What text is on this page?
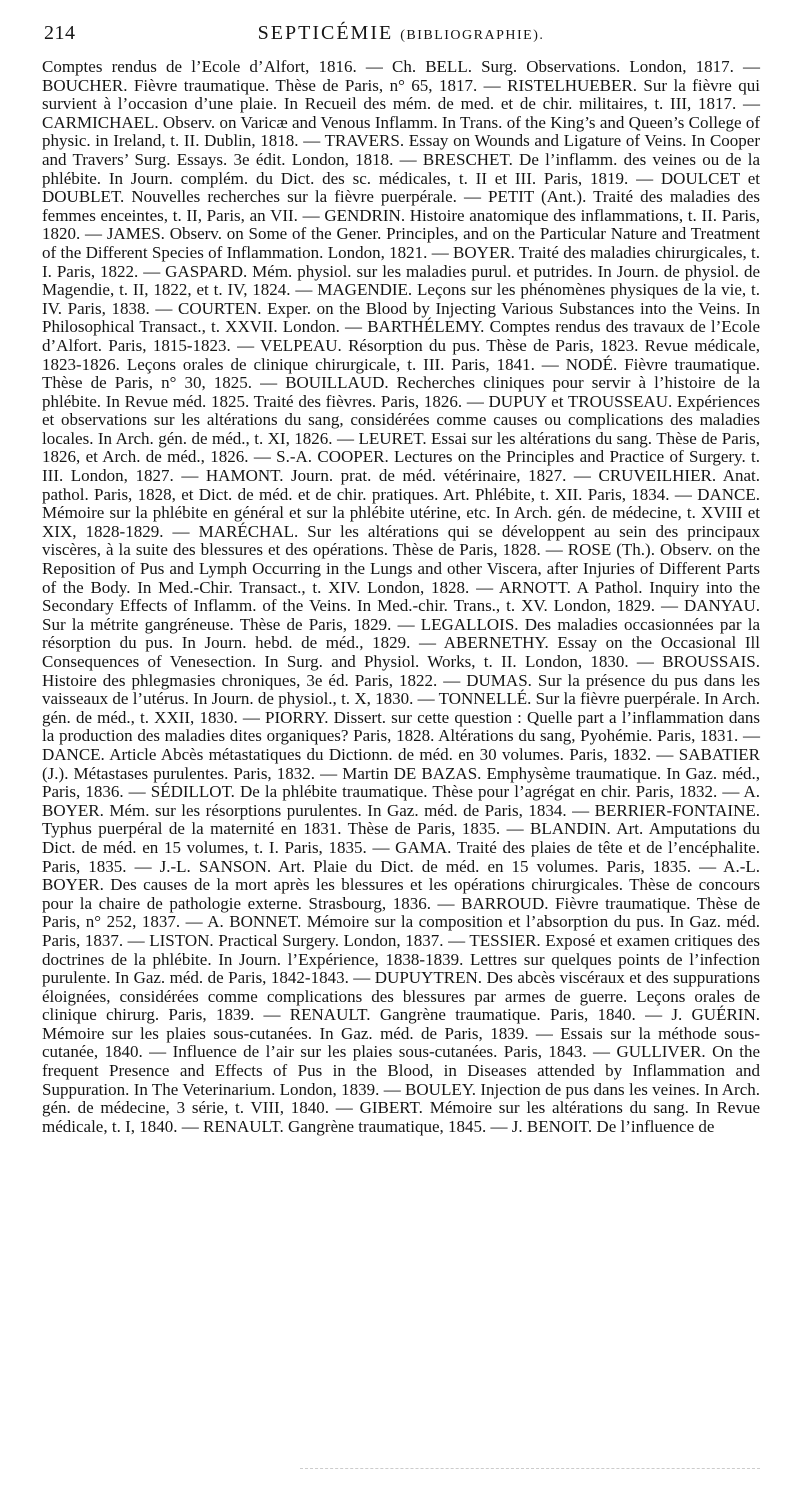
214	SEPTICÉMIE (BIBLIOGRAPHIE).

Comptes rendus de l’Ecole d’Alfort, 1816. — Ch. BELL. Surg. Observations. London, 1817. — BOUCHER. Fièvre traumatique. Thèse de Paris, n° 65, 1817. — RISTELHUEBER. Sur la fièvre qui survient à l’occasion d’une plaie. In Recueil des mém. de med. et de chir. militaires, t. III, 1817. — CARMICHAEL. Observ. on Varicæ and Venous Inflamm. In Trans. of the King’s and Queen’s College of physic. in Ireland, t. II. Dublin, 1818. — TRAVERS. Essay on Wounds and Ligature of Veins. In Cooper and Travers’ Surg. Essays. 3e édit. London, 1818. — BRESCHET. De l’inflamm. des veines ou de la phlébite. In Journ. complém. du Dict. des sc. médicales, t. II et III. Paris, 1819. — DOULCET et DOUBLET. Nouvelles recherches sur la fièvre puerpérale. — PETIT (Ant.). Traité des maladies des femmes enceintes, t. II, Paris, an VII. — GENDRIN. Histoire anatomique des inflammations, t. II. Paris, 1820. — JAMES. Observ. on Some of the Gener. Principles, and on the Particular Nature and Treatment of the Different Species of Inflammation. London, 1821. — BOYER. Traité des maladies chirurgicales, t. I. Paris, 1822. — GASPARD. Mém. physiol. sur les maladies purul. et putrides. In Journ. de physiol. de Magendie, t. II, 1822, et t. IV, 1824. — MAGENDIE. Leçons sur les phénomènes physiques de la vie, t. IV. Paris, 1838. — COURTEN. Exper. on the Blood by Injecting Various Substances into the Veins. In Philosophical Transact., t. XXVII. London. — BARTHÉLEMY. Comptes rendus des travaux de l’Ecole d’Alfort. Paris, 1815-1823. — VELPEAU. Résorption du pus. Thèse de Paris, 1823. Revue médicale, 1823-1826. Leçons orales de clinique chirurgicale, t. III. Paris, 1841. — NODÉ. Fièvre traumatique. Thèse de Paris, n° 30, 1825. — BOUILLAUD. Recherches cliniques pour servir à l’histoire de la phlébite. In Revue méd. 1825. Traité des fièvres. Paris, 1826. — DUPUY et TROUSSEAU. Expériences et observations sur les altérations du sang, considérées comme causes ou complications des maladies locales. In Arch. gén. de méd., t. XI, 1826. — LEURET. Essai sur les altérations du sang. Thèse de Paris, 1826, et Arch. de méd., 1826. — S.-A. COOPER. Lectures on the Principles and Practice of Surgery. t. III. London, 1827. — HAMONT. Journ. prat. de méd. vétérinaire, 1827. — CRUVEILHIER. Anat. pathol. Paris, 1828, et Dict. de méd. et de chir. pratiques. Art. Phlébite, t. XII. Paris, 1834. — DANCE. Mémoire sur la phlébite en général et sur la phlébite utérine, etc. In Arch. gén. de médecine, t. XVIII et XIX, 1828-1829. — MARÉCHAL. Sur les altérations qui se développent au sein des principaux viscères, à la suite des blessures et des opérations. Thèse de Paris, 1828. — ROSE (Th.). Observ. on the Reposition of Pus and Lymph Occurring in the Lungs and other Viscera, after Injuries of Different Parts of the Body. In Med.-Chir. Transact., t. XIV. London, 1828. — ARNOTT. A Pathol. Inquiry into the Secondary Effects of Inflamm. of the Veins. In Med.-chir. Trans., t. XV. London, 1829. — DANYAU. Sur la métrite gangréneuse. Thèse de Paris, 1829. — LEGALLOIS. Des maladies occasionnées par la résorption du pus. In Journ. hebd. de méd., 1829. — ABERNETHY. Essay on the Occasional Ill Consequences of Venesection. In Surg. and Physiol. Works, t. II. London, 1830. — BROUSSAIS. Histoire des phlegmasies chroniques, 3e éd. Paris, 1822. — DUMAS. Sur la présence du pus dans les vaisseaux de l’utérus. In Journ. de physiol., t. X, 1830. — TONNELLÉ. Sur la fièvre puerpérale. In Arch. gén. de méd., t. XXII, 1830. — PIORRY. Dissert. sur cette question : Quelle part a l’inflammation dans la production des maladies dites organiques? Paris, 1828. Altérations du sang, Pyohémie. Paris, 1831. — DANCE. Article Abcès métastatiques du Dictionn. de méd. en 30 volumes. Paris, 1832. — SABATIER (J.). Métastases purulentes. Paris, 1832. — Martin DE BAZAS. Emphysème traumatique. In Gaz. méd., Paris, 1836. — SÉDILLOT. De la phlébite traumatique. Thèse pour l’agrégat en chir. Paris, 1832. — A. BOYER. Mém. sur les résorptions purulentes. In Gaz. méd. de Paris, 1834. — BERRIER-FONTAINE. Typhus puerpéral de la maternité en 1831. Thèse de Paris, 1835. — BLANDIN. Art. Amputations du Dict. de méd. en 15 volumes, t. I. Paris, 1835. — GAMA. Traité des plaies de tête et de l’encéphalite. Paris, 1835. — J.-L. SANSON. Art. Plaie du Dict. de méd. en 15 volumes. Paris, 1835. — A.-L. BOYER. Des causes de la mort après les blessures et les opérations chirurgicales. Thèse de concours pour la chaire de pathologie externe. Strasbourg, 1836. — BARROUD. Fièvre traumatique. Thèse de Paris, n° 252, 1837. — A. BONNET. Mémoire sur la composition et l’absorption du pus. In Gaz. méd. Paris, 1837. — LISTON. Practical Surgery. London, 1837. — TESSIER. Exposé et examen critiques des doctrines de la phlébite. In Journ. l’Expérience, 1838-1839. Lettres sur quelques points de l’infection purulente. In Gaz. méd. de Paris, 1842-1843. — DUPUYTREN. Des abcès viscéraux et des suppurations éloignées, considérées comme complications des blessures par armes de guerre. Leçons orales de clinique chirurg. Paris, 1839. — RENAULT. Gangrène traumatique. Paris, 1840. — J. GUÉRIN. Mémoire sur les plaies sous-cutanées. In Gaz. méd. de Paris, 1839. — Essais sur la méthode sous-cutanée, 1840. — Influence de l’air sur les plaies sous-cutanées. Paris, 1843. — GULLIVER. On the frequent Presence and Effects of Pus in the Blood, in Diseases attended by Inflammation and Suppuration. In The Veterinarium. London, 1839. — BOULEY. Injection de pus dans les veines. In Arch. gén. de médecine, 3 série, t. VIII, 1840. — GIBERT. Mémoire sur les altérations du sang. In Revue médicale, t. I, 1840. — RENAULT. Gangrène traumatique, 1845. — J. BENOIT. De l’influence de
